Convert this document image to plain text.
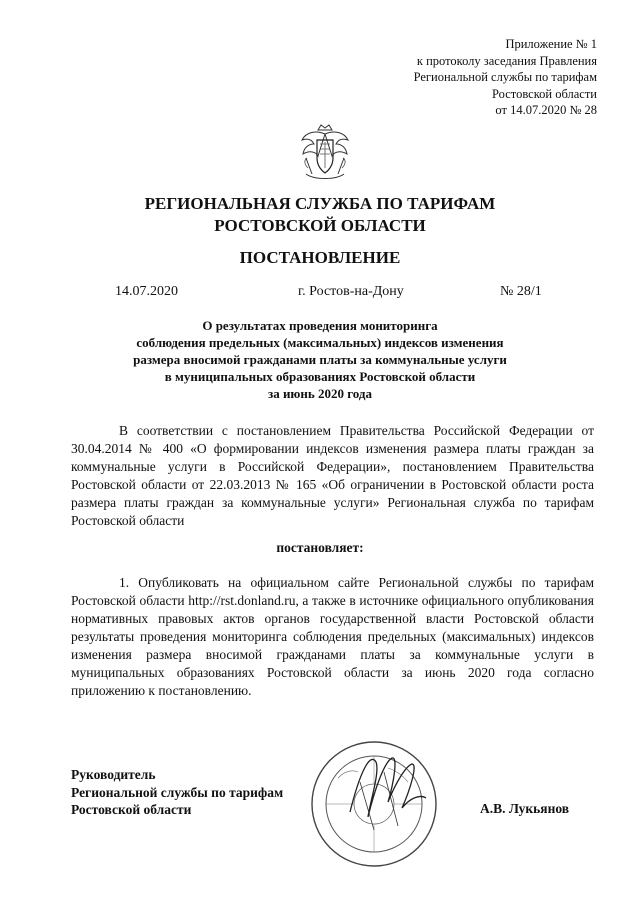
Приложение № 1
к протоколу заседания Правления
Региональной службы по тарифам
Ростовской области
от 14.07.2020 № 28
РЕГИОНАЛЬНАЯ СЛУЖБА ПО ТАРИФАМ
РОСТОВСКОЙ ОБЛАСТИ
ПОСТАНОВЛЕНИЕ
14.07.2020	г. Ростов-на-Дону	№ 28/1
О результатах проведения мониторинга
соблюдения предельных (максимальных) индексов изменения
размера вносимой гражданами платы за коммунальные услуги
в муниципальных образованиях Ростовской области
за июнь 2020 года
В соответствии с постановлением Правительства Российской Федерации от 30.04.2014 № 400 «О формировании индексов изменения размера платы граждан за коммунальные услуги в Российской Федерации», постановлением Правительства Ростовской области от 22.03.2013 № 165 «Об ограничении в Ростовской области роста размера платы граждан за коммунальные услуги» Региональная служба по тарифам Ростовской области
постановляет:
1. Опубликовать на официальном сайте Региональной службы по тарифам Ростовской области http://rst.donland.ru, а также в источнике официального опубликования нормативных правовых актов органов государственной власти Ростовской области результаты проведения мониторинга соблюдения предельных (максимальных) индексов изменения размера вносимой гражданами платы за коммунальные услуги в муниципальных образованиях Ростовской области за июнь 2020 года согласно приложению к постановлению.
Руководитель
Региональной службы по тарифам
Ростовской области	А.В. Лукьянов
